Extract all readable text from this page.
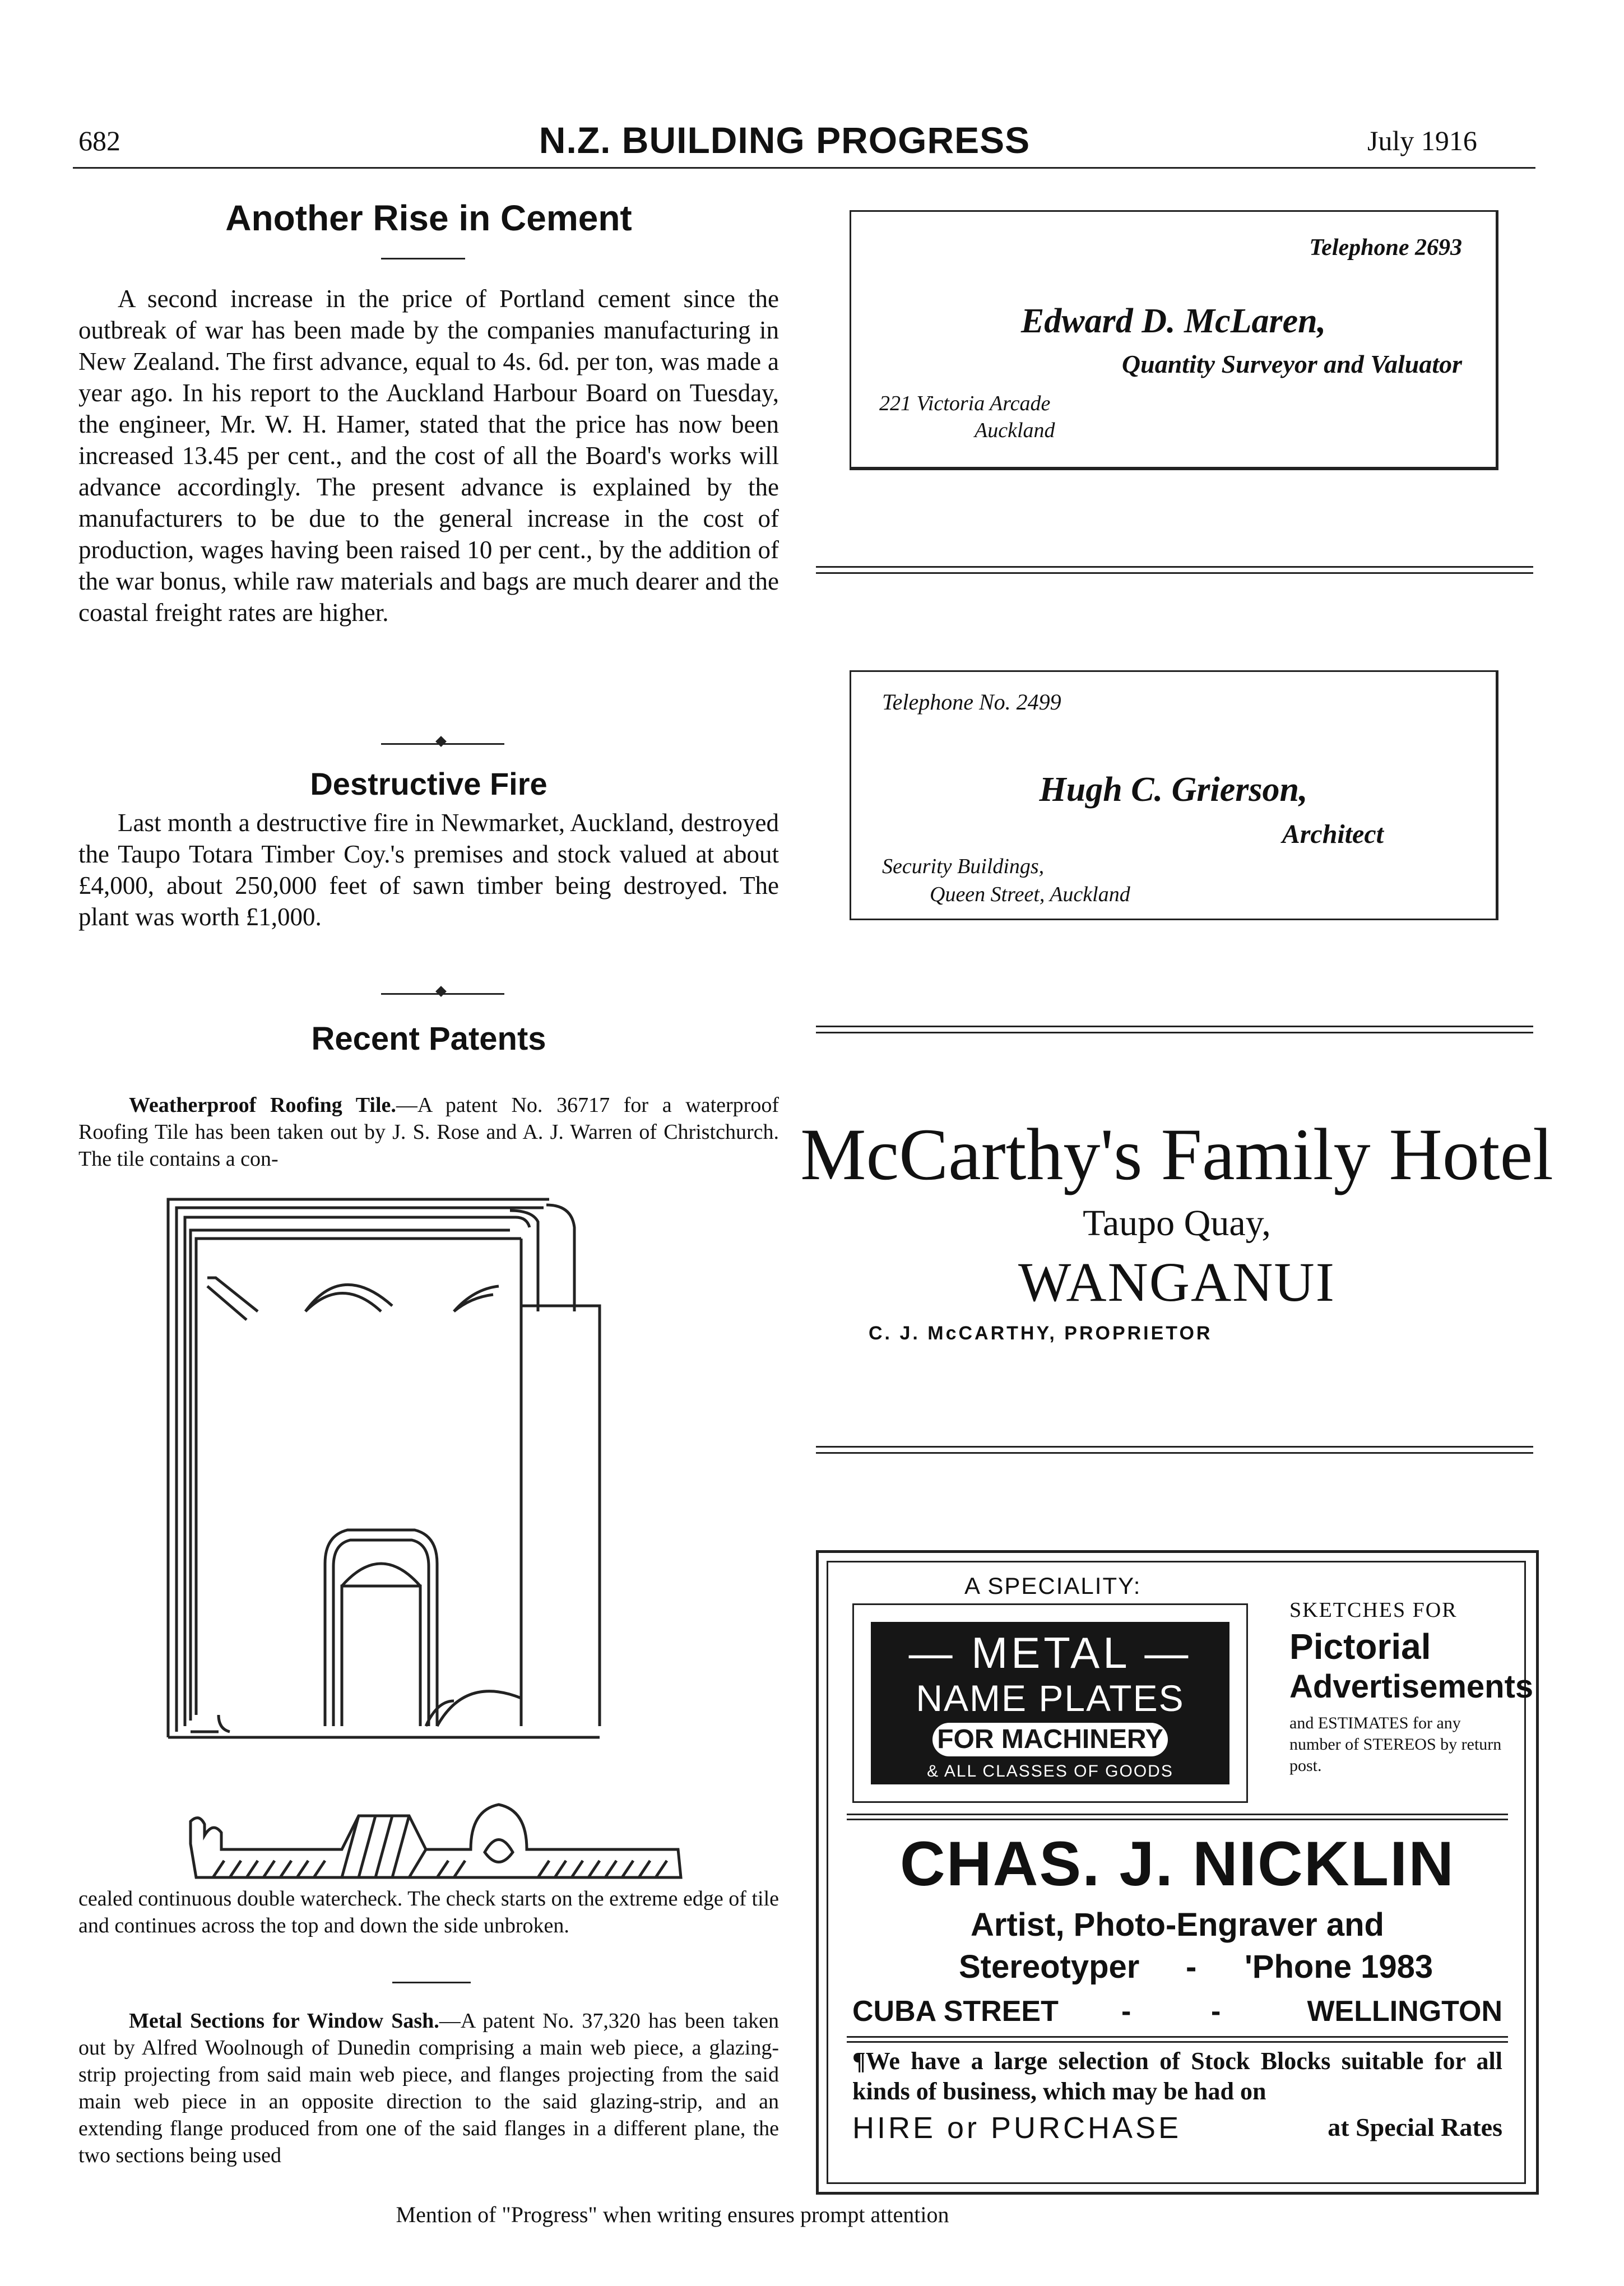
682	N.Z. BUILDING PROGRESS	July 1916
Another Rise in Cement

A second increase in the price of Portland cement since the outbreak of war has been made by the companies manufacturing in New Zealand. The first advance, equal to 4s. 6d. per ton, was made a year ago. In his report to the Auckland Harbour Board on Tuesday, the engineer, Mr. W. H. Hamer, stated that the price has now been increased 13.45 per cent., and the cost of all the Board's works will advance accordingly. The present advance is explained by the manufacturers to be due to the general increase in the cost of production, wages having been raised 10 per cent., by the addition of the war bonus, while raw materials and bags are much dearer and the coastal freight rates are higher.

Destructive Fire

Last month a destructive fire in Newmarket, Auckland, destroyed the Taupo Totara Timber Coy.'s premises and stock valued at about £4,000, about 250,000 feet of sawn timber being destroyed. The plant was worth £1,000.

Recent Patents

Weatherproof Roofing Tile.—A patent No. 36717 for a waterproof Roofing Tile has been taken out by J. S. Rose and A. J. Warren of Christchurch. The tile contains a con-

cealed continuous double watercheck. The check starts on the extreme edge of tile and continues across the top and down the side unbroken.

Metal Sections for Window Sash.—A patent No. 37,320 has been taken out by Alfred Woolnough of Dunedin comprising a main web piece, a glazing-strip projecting from said main web piece, and flanges projecting from the said main web piece in an opposite direction to the said glazing-strip, and an extending flange produced from one of the said flanges in a different plane, the two sections being used

Telephone 2693
Edward D. McLaren,
Quantity Surveyor and Valuator
221 Victoria Arcade
Auckland
Telephone No. 2499
Hugh C. Grierson,
Architect
Security Buildings,
Queen Street, Auckland
McCarthy's Family Hotel
Taupo Quay,
WANGANUI
C. J. McCARTHY, PROPRIETOR
A SPECIALITY:
— METAL —
NAME PLATES
FOR MACHINERY
& ALL CLASSES OF GOODS
SKETCHES FOR
Pictorial
Advertisements

and ESTIMATES for any number of STEREOS by return post.

CHAS. J. NICKLIN
Artist, Photo-Engraver and
Stereotyper - 'Phone 1983
CUBA STREET -	-	WELLINGTON

¶We have a large selection of Stock Blocks suitable for all kinds of business, which may be had on

HIRE or PURCHASE	at Special Rates
Mention of "Progress" when writing ensures prompt attention
